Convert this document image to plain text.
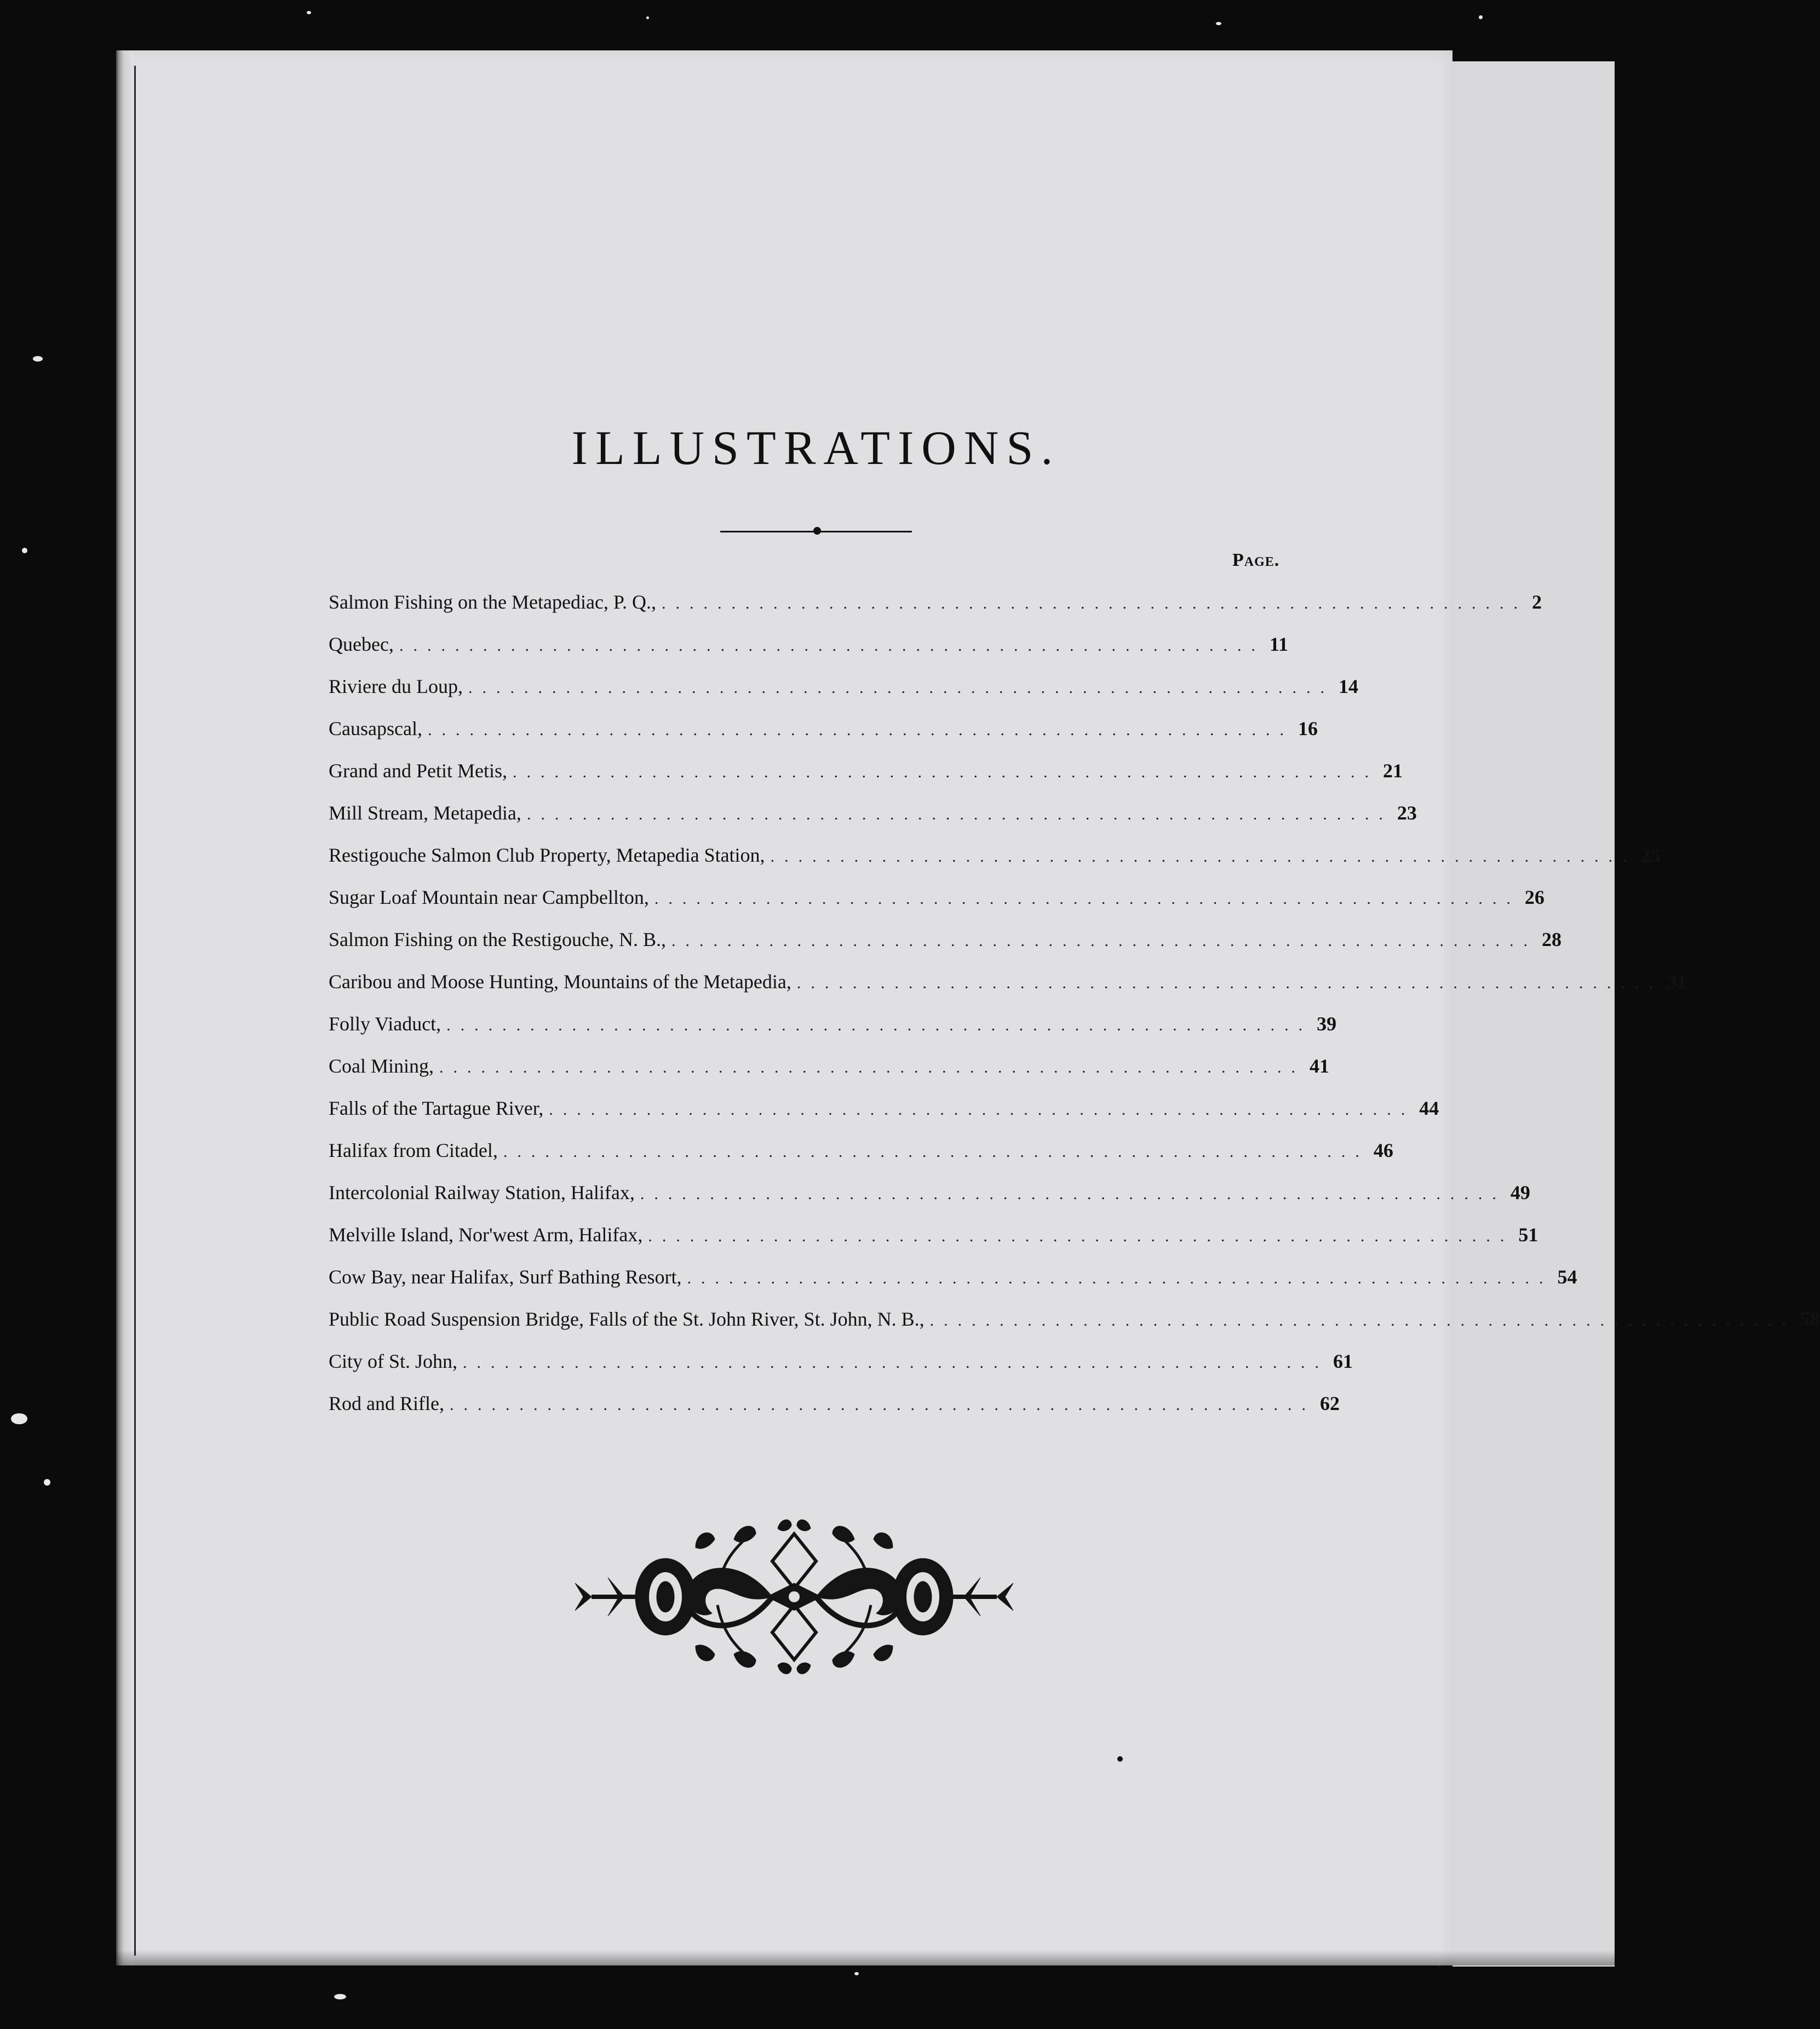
ILLUSTRATIONS.
Page.
Salmon Fishing on the Metapediac, P. Q., .............................................................. 2
Quebec, .............................................................. 11
Riviere du Loup, .............................................................. 14
Causapscal, .............................................................. 16
Grand and Petit Metis, .............................................................. 21
Mill Stream, Metapedia, .............................................................. 23
Restigouche Salmon Club Property, Metapedia Station, .............................................................. 25
Sugar Loaf Mountain near Campbellton, .............................................................. 26
Salmon Fishing on the Restigouche, N. B., .............................................................. 28
Caribou and Moose Hunting, Mountains of the Metapedia, .............................................................. 31
Folly Viaduct, .............................................................. 39
Coal Mining, .............................................................. 41
Falls of the Tartague River, .............................................................. 44
Halifax from Citadel, .............................................................. 46
Intercolonial Railway Station, Halifax, .............................................................. 49
Melville Island, Nor'west Arm, Halifax, .............................................................. 51
Cow Bay, near Halifax, Surf Bathing Resort, .............................................................. 54
Public Road Suspension Bridge, Falls of the St. John River, St. John, N. B., .............................................................. 58
City of St. John, .............................................................. 61
Rod and Rifle, .............................................................. 62
